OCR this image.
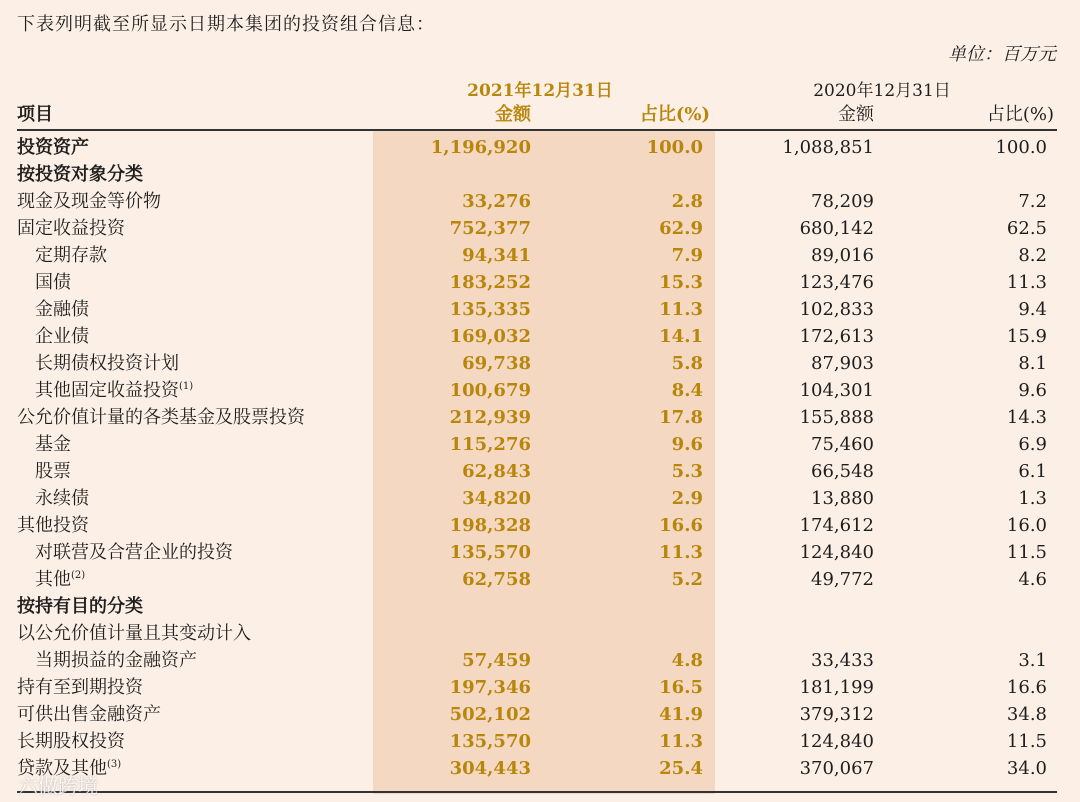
下表列明截至所显示日期本集团的投资组合信息：
单位：百万元
2021年12月31日	2020年12月31日
项目	金额	占比(%)	金额	占比(%)
投资资产	1,196,920	100.0	1,088,851	100.0
按投资对象分类
现金及现金等价物	33,276	2.8	78,209	7.2
固定收益投资	752,377	62.9	680,142	62.5
定期存款	94,341	7.9	89,016	8.2
国债	183,252	15.3	123,476	11.3
金融债	135,335	11.3	102,833	9.4
企业债	169,032	14.1	172,613	15.9
长期债权投资计划	69,738	5.8	87,903	8.1
其他固定收益投资$^{(1)}$	100,679	8.4	104,301	9.6
公允价值计量的各类基金及股票投资	212,939	17.8	155,888	14.3
基金	115,276	9.6	75,460	6.9
股票	62,843	5.3	66,548	6.1
永续债	34,820	2.9	13,880	1.3
其他投资	198,328	16.6	174,612	16.0
对联营及合营企业的投资	135,570	11.3	124,840	11.5
其他$^{(2)}$	62,758	5.2	49,772	4.6
按持有目的分类
以公允价值计量且其变动计入
当期损益的金融资产	57,459	4.8	33,433	3.1
持有至到期投资	197,346	16.5	181,199	16.6
可供出售金融资产	502,102	41.9	379,312	34.8
长期股权投资	135,570	11.3	124,840	11.5
贷款及其他$^{(3)}$	304,443	25.4	370,067	34.0
六做跨境
